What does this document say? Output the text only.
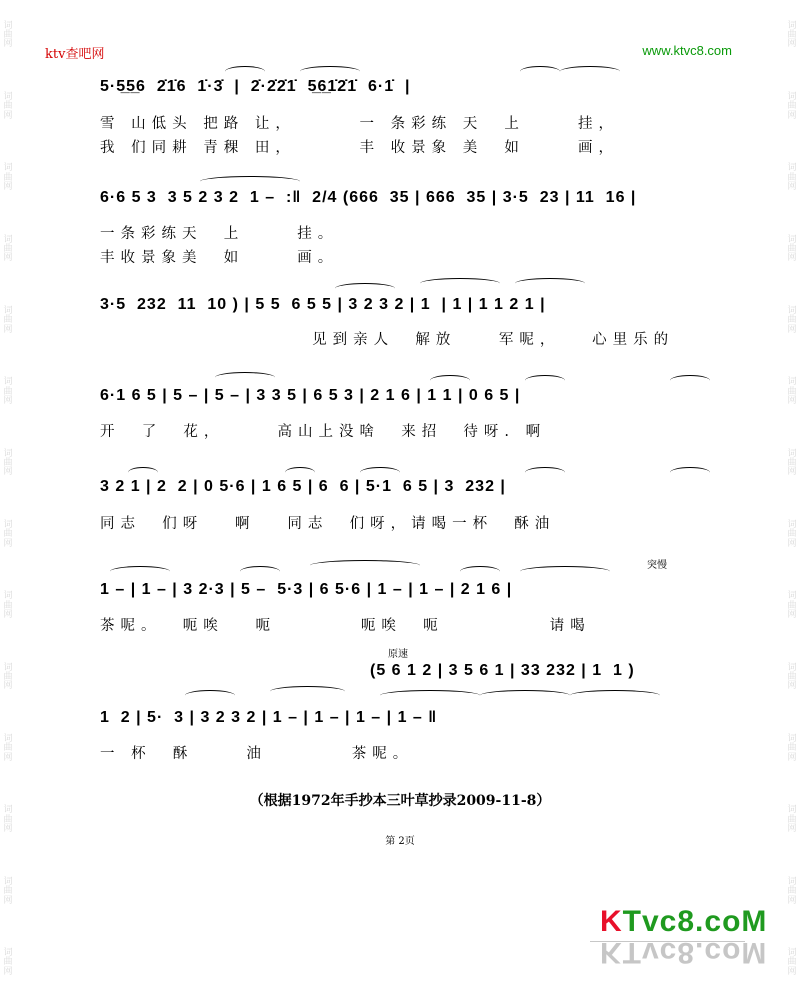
词
曲
网
词
曲
网
词
曲
网
词
曲
网
词
曲
网
词
曲
网
词
曲
网
词
曲
网
词
曲
网
词
曲
网
词
曲
网
词
曲
网
词
曲
网
词
曲
网
词
曲
网
词
曲
网
词
曲
网
词
曲
网
词
曲
网
词
曲
网
词
曲
网
词
曲
网
词
曲
网
词
曲
网
词
曲
网
词
曲
网
词
曲
网
词
曲
网
ktv查吧网	www.ktvc8.com
5·5̲5̲6  2̇1̇6  1̇·3̇  |  2̇·2̇2̇1̇  5̲6̲1̇2̇1̇  6·1̇  |
雪 山低头 把路 让，      一 条彩练 天  上     挂，
我 们同耕 青稞 田，      丰 收景象 美  如     画，
6·6 5 3  3 5 2 3 2  1 –  :‖  2/4 (666  35 | 666  35 | 3·5  23 | 11  16 |
一条彩练天  上     挂。
丰收景象美  如     画。
3·5  232  11  10 ) | 5 5  6 5 5 | 3 2 3 2 | 1  | 1 | 1 1 2 1 |
见到亲人  解放    军呢，   心里乐的
6·1 6 5 | 5 – | 5 – | 3 3 5 | 6 5 3 | 2 1 6 | 1 1 | 0 6 5 |
开  了  花，     高山上没啥  来招  待呀. 啊
3 2 1 | 2  2 | 0 5·6 | 1 6 5 | 6  6 | 5·1  6 5 | 3  232 |
同志  们呀   啊   同志  们呀，请喝一杯  酥油
1 – | 1 – | 3 2·3 | 5 –  5·3 | 6 5·6 | 1 – | 1 – | 2 1 6 |
茶呢。  呃唉   呃        呃唉  呃          请喝
突慢
原速
(5 6 1 2 | 3 5 6 1 | 33 232 | 1  1 )
1  2 | 5·  3 | 3 2 3 2 | 1 – | 1 – | 1 – | 1 – ‖
一 杯  酥     油        茶呢。
（根据1972年手抄本三叶草抄录2009-11-8）
第 2页
KTvc8.coM
KTvc8.coM
